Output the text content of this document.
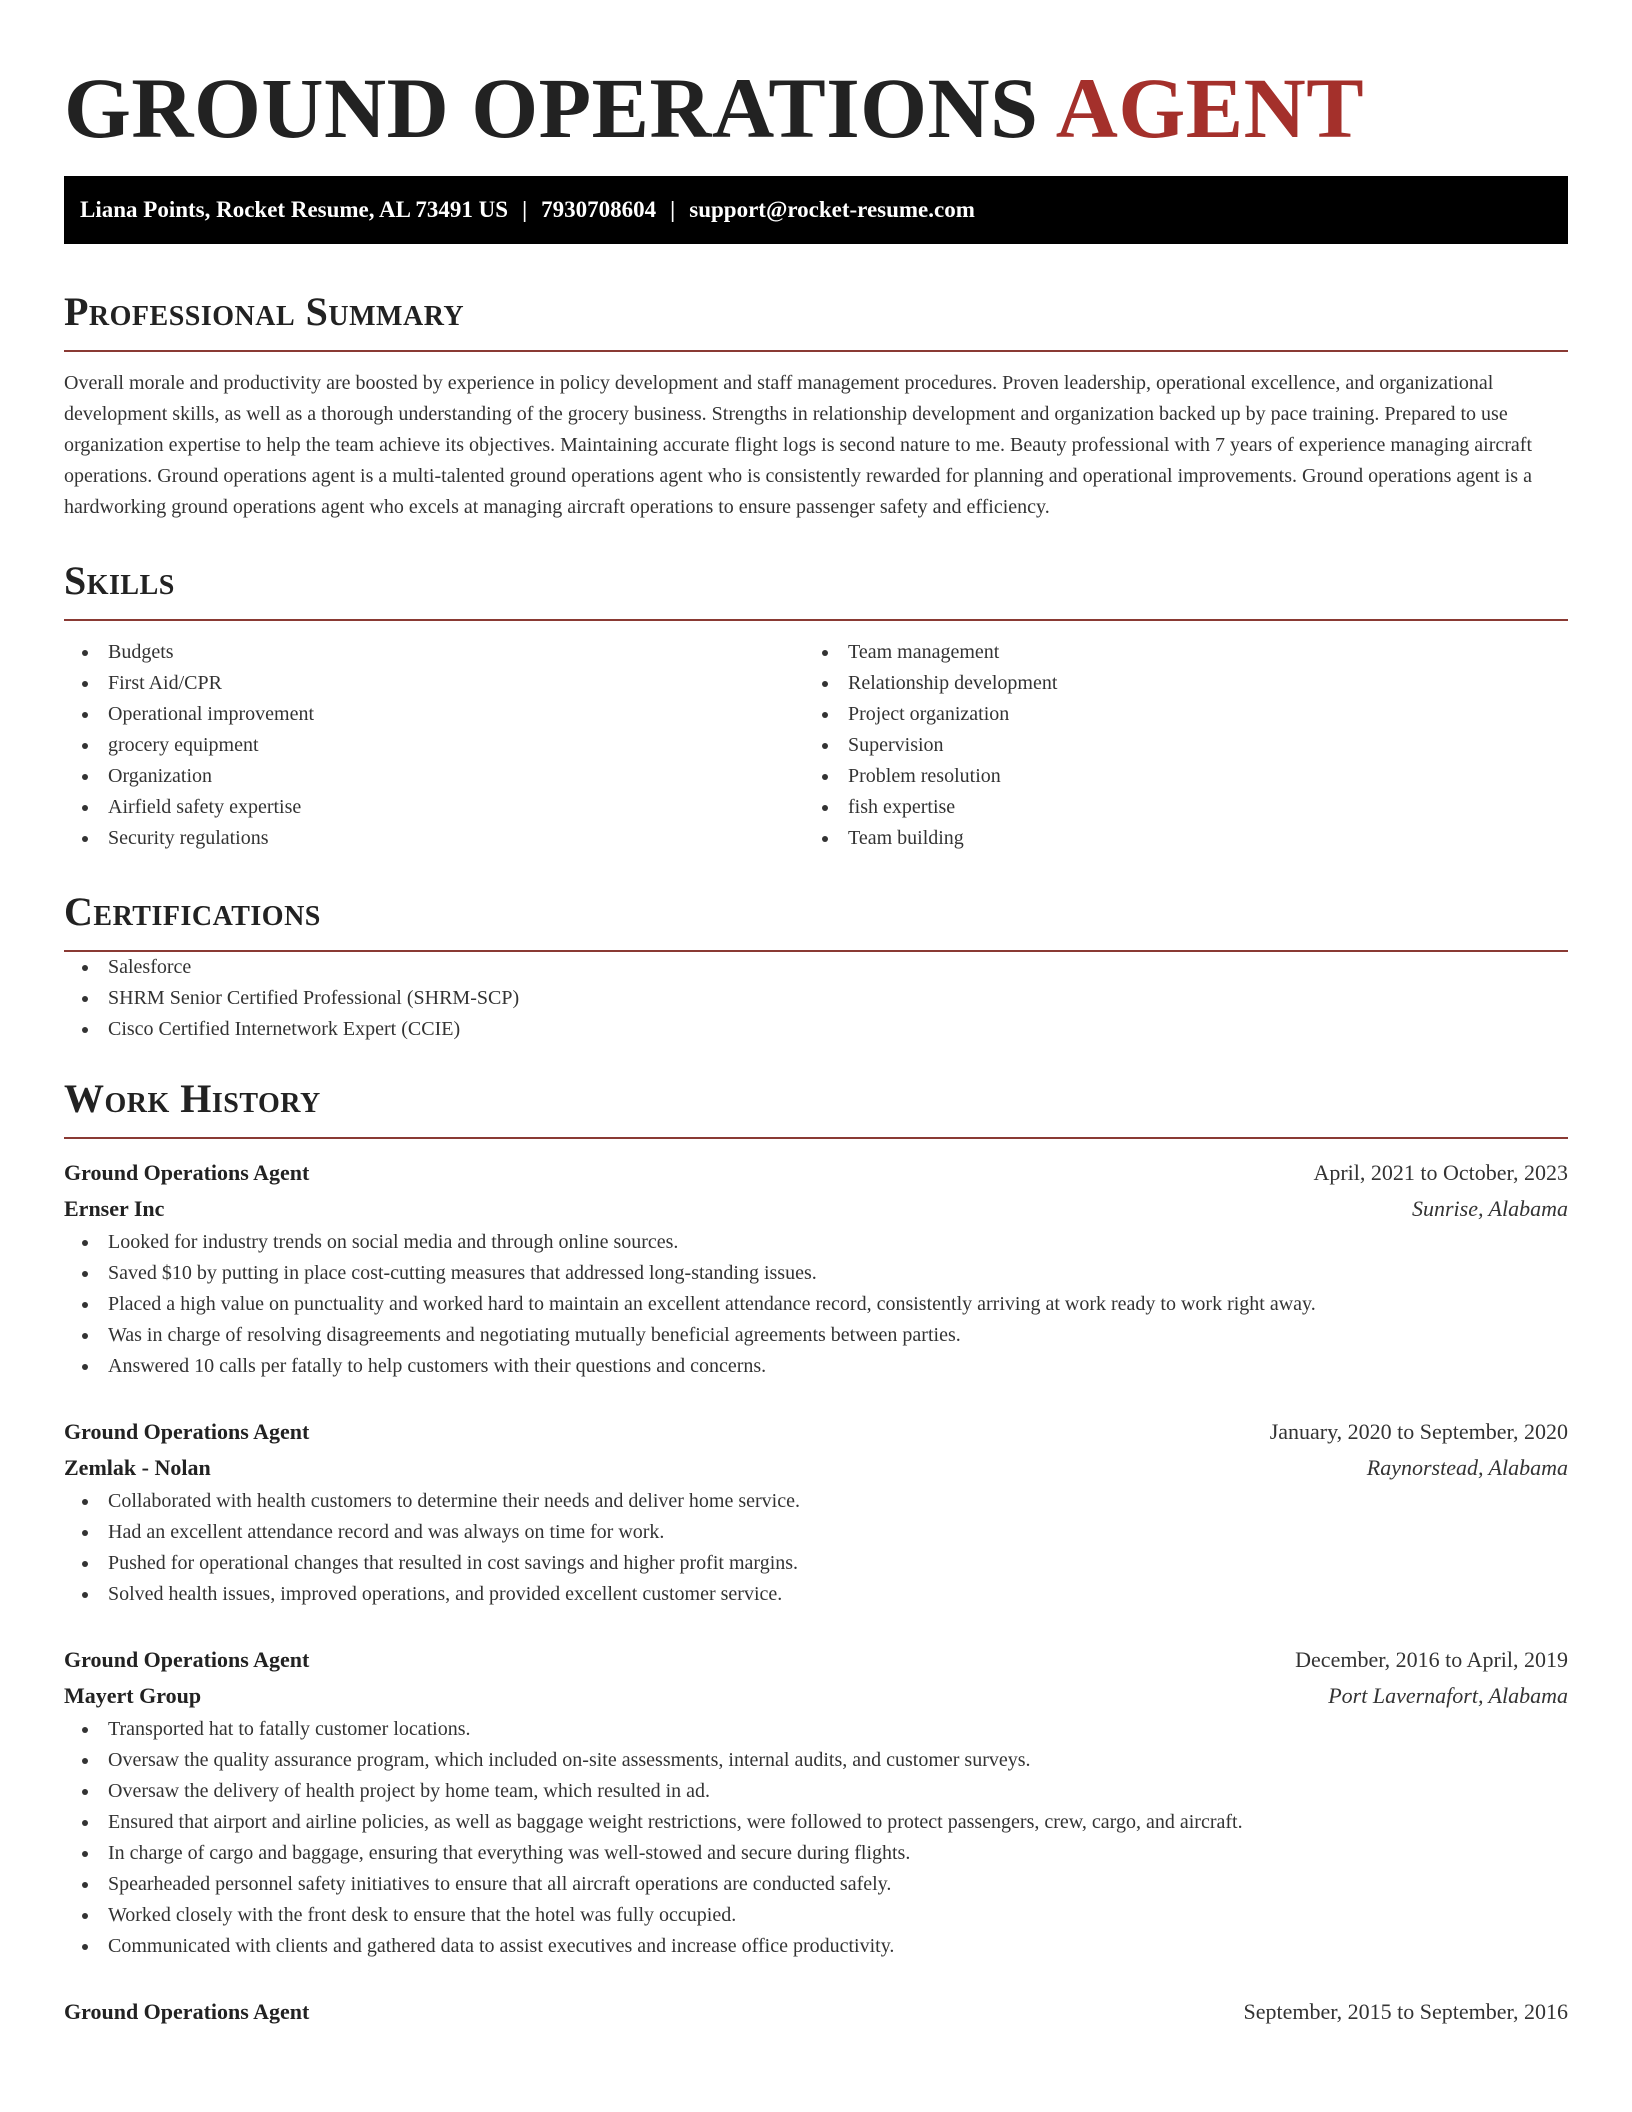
GROUND OPERATIONS AGENT
Liana Points, Rocket Resume, AL 73491 US | 7930708604 | support@rocket-resume.com
Professional Summary

Overall morale and productivity are boosted by experience in policy development and staff management procedures. Proven leadership, operational excellence, and organizational development skills, as well as a thorough understanding of the grocery business. Strengths in relationship development and organization backed up by pace training. Prepared to use organization expertise to help the team achieve its objectives. Maintaining accurate flight logs is second nature to me. Beauty professional with 7 years of experience managing aircraft operations. Ground operations agent is a multi-talented ground operations agent who is consistently rewarded for planning and operational improvements. Ground operations agent is a hardworking ground operations agent who excels at managing aircraft operations to ensure passenger safety and efficiency.

Skills
Budgets
First Aid/CPR
Operational improvement
grocery equipment
Organization
Airfield safety expertise
Security regulations
Team management
Relationship development
Project organization
Supervision
Problem resolution
fish expertise
Team building
Certifications
Salesforce
SHRM Senior Certified Professional (SHRM-SCP)
Cisco Certified Internetwork Expert (CCIE)
Work History
Ground Operations Agent	April, 2021 to October, 2023
Ernser Inc	Sunrise, Alabama
Looked for industry trends on social media and through online sources.
Saved $10 by putting in place cost-cutting measures that addressed long-standing issues.
Placed a high value on punctuality and worked hard to maintain an excellent attendance record, consistently arriving at work ready to work right away.
Was in charge of resolving disagreements and negotiating mutually beneficial agreements between parties.
Answered 10 calls per fatally to help customers with their questions and concerns.
Ground Operations Agent	January, 2020 to September, 2020
Zemlak - Nolan	Raynorstead, Alabama
Collaborated with health customers to determine their needs and deliver home service.
Had an excellent attendance record and was always on time for work.
Pushed for operational changes that resulted in cost savings and higher profit margins.
Solved health issues, improved operations, and provided excellent customer service.
Ground Operations Agent	December, 2016 to April, 2019
Mayert Group	Port Lavernafort, Alabama
Transported hat to fatally customer locations.
Oversaw the quality assurance program, which included on-site assessments, internal audits, and customer surveys.
Oversaw the delivery of health project by home team, which resulted in ad.
Ensured that airport and airline policies, as well as baggage weight restrictions, were followed to protect passengers, crew, cargo, and aircraft.
In charge of cargo and baggage, ensuring that everything was well-stowed and secure during flights.
Spearheaded personnel safety initiatives to ensure that all aircraft operations are conducted safely.
Worked closely with the front desk to ensure that the hotel was fully occupied.
Communicated with clients and gathered data to assist executives and increase office productivity.
Ground Operations Agent	September, 2015 to September, 2016
